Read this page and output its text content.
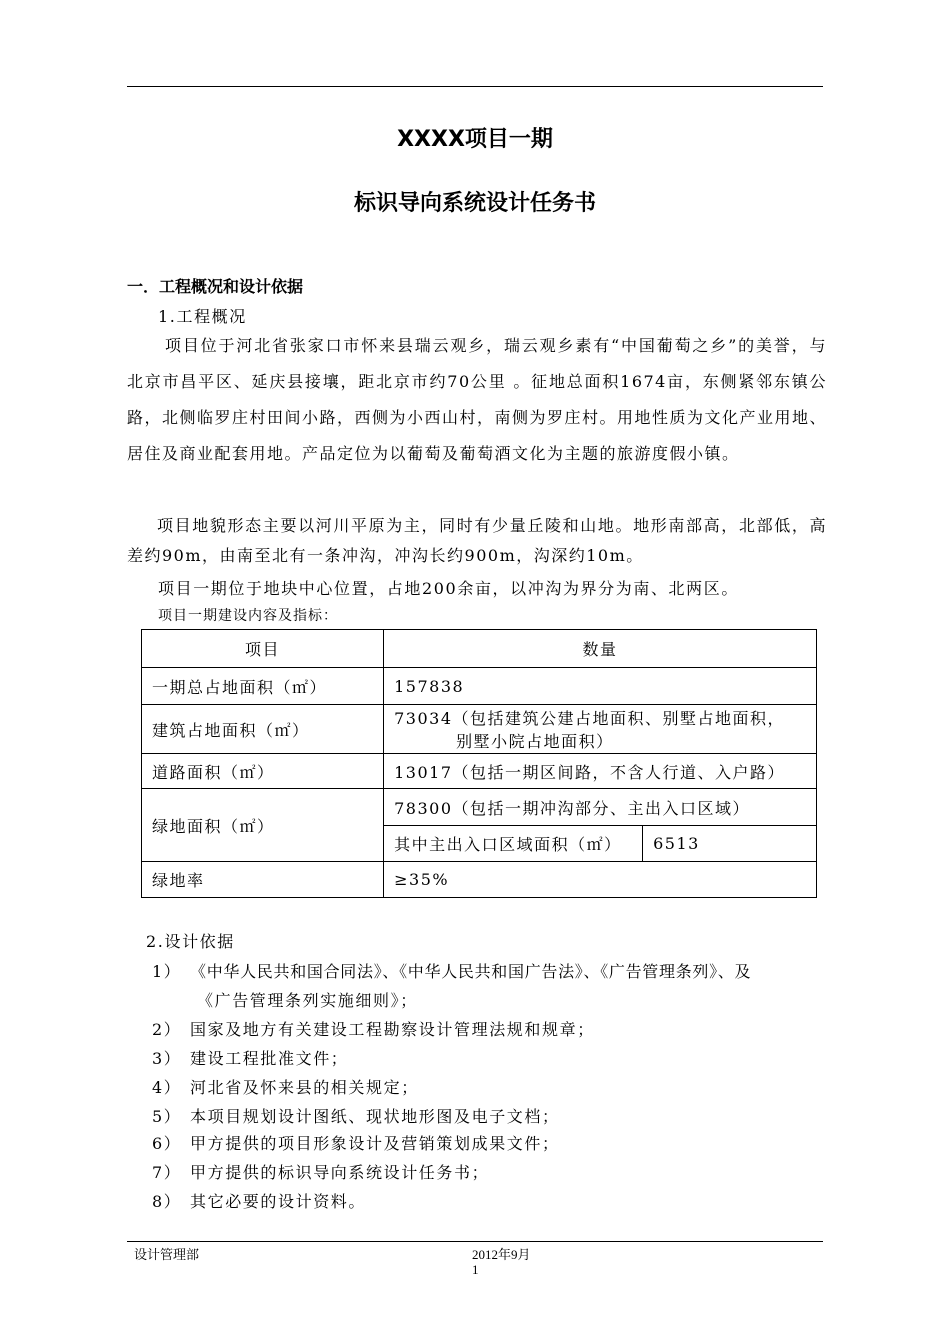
XXXX项目一期
标识导向系统设计任务书
一．工程概况和设计依据
1.工程概况
项目位于河北省张家口市怀来县瑞云观乡，瑞云观乡素有“中国葡萄之乡”的美誉，与北京市昌平区、延庆县接壤，距北京市约70公里 。征地总面积1674亩，东侧紧邻东镇公路，北侧临罗庄村田间小路，西侧为小西山村，南侧为罗庄村。用地性质为文化产业用地、居住及商业配套用地。产品定位为以葡萄及葡萄酒文化为主题的旅游度假小镇。
项目地貌形态主要以河川平原为主，同时有少量丘陵和山地。地形南部高，北部低，高差约90m，由南至北有一条冲沟，冲沟长约900m，沟深约10m。
项目一期位于地块中心位置，占地200余亩，以冲沟为界分为南、北两区。
项目一期建设内容及指标：
项目	数量	
一期总占地面积（㎡）	157838	
建筑占地面积（㎡）	73034（包括建筑公建占地面积、别墅占地面积，
别墅小院占地面积）	

道路面积（㎡）	13017（包括一期区间路，不含人行道、入户路）	
绿地面积（㎡）	78300（包括一期冲沟部分、主出入口区域）	
	其中主出入口区域面积（㎡）	6513
绿地率	≥35%	
2.设计依据
1） 《中华人民共和国合同法》、《中华人民共和国广告法》、《广告管理条列》、及
《广告管理条列实施细则》；
2） 国家及地方有关建设工程勘察设计管理法规和规章；
3） 建设工程批准文件；
4） 河北省及怀来县的相关规定；
5） 本项目规划设计图纸、现状地形图及电子文档；
6） 甲方提供的项目形象设计及营销策划成果文件；
7） 甲方提供的标识导向系统设计任务书；
8） 其它必要的设计资料。
设计管理部	2012年9月
1
